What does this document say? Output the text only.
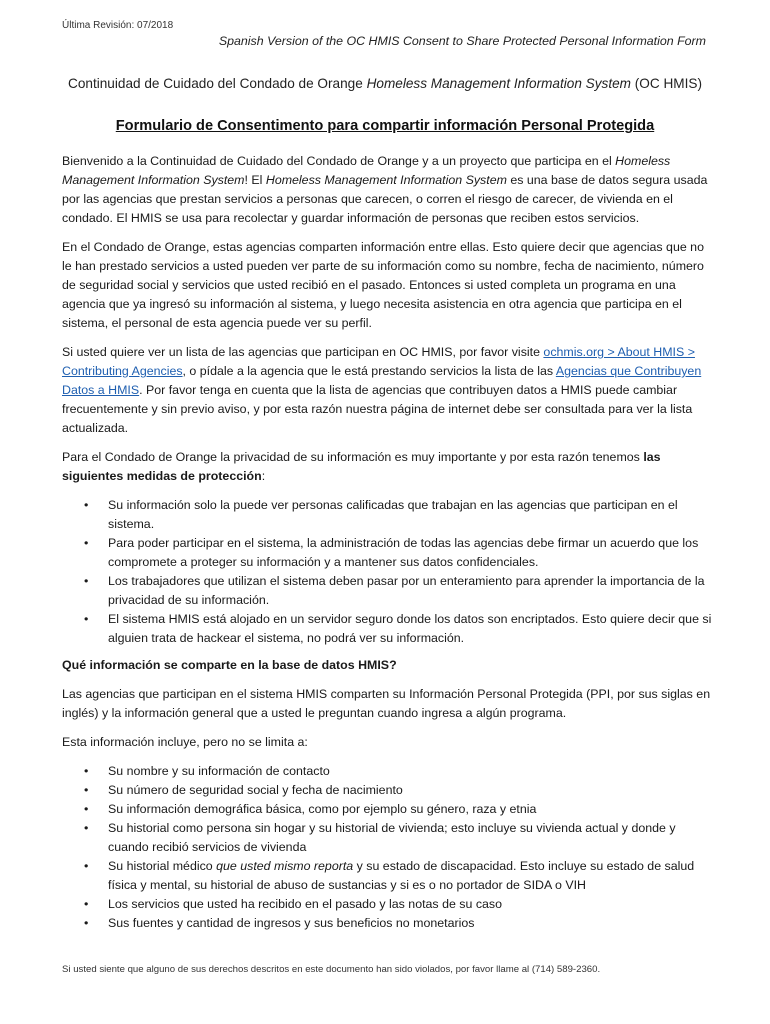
Última Revisión: 07/2018
Spanish Version of the OC HMIS Consent to Share Protected Personal Information Form
Continuidad de Cuidado del Condado de Orange Homeless Management Information System (OC HMIS)
Formulario de Consentimento para compartir información Personal Protegida

Bienvenido a la Continuidad de Cuidado del Condado de Orange y a un proyecto que participa en el Homeless Management Information System! El Homeless Management Information System es una base de datos segura usada por las agencias que prestan servicios a personas que carecen, o corren el riesgo de carecer, de vivienda en el condado. El HMIS se usa para recolectar y guardar información de personas que reciben estos servicios.

En el Condado de Orange, estas agencias comparten información entre ellas. Esto quiere decir que agencias que no le han prestado servicios a usted pueden ver parte de su información como su nombre, fecha de nacimiento, número de seguridad social y servicios que usted recibió en el pasado. Entonces si usted completa un programa en una agencia que ya ingresó su información al sistema, y luego necesita asistencia en otra agencia que participa en el sistema, el personal de esta agencia puede ver su perfil.

Si usted quiere ver un lista de las agencias que participan en OC HMIS, por favor visite ochmis.org > About HMIS > Contributing Agencies, o pídale a la agencia que le está prestando servicios la lista de las Agencias que Contribuyen Datos a HMIS. Por favor tenga en cuenta que la lista de agencias que contribuyen datos a HMIS puede cambiar frecuentemente y sin previo aviso, y por esta razón nuestra página de internet debe ser consultada para ver la lista actualizada.

Para el Condado de Orange la privacidad de su información es muy importante y por esta razón tenemos las siguientes medidas de protección:

• Su información solo la puede ver personas calificadas que trabajan en las agencias que participan en el sistema.
• Para poder participar en el sistema, la administración de todas las agencias debe firmar un acuerdo que los compromete a proteger su información y a mantener sus datos confidenciales.
• Los trabajadores que utilizan el sistema deben pasar por un enteramiento para aprender la importancia de la privacidad de su información.
• El sistema HMIS está alojado en un servidor seguro donde los datos son encriptados. Esto quiere decir que si alguien trata de hackear el sistema, no podrá ver su información.

Qué información se comparte en la base de datos HMIS?

Las agencias que participan en el sistema HMIS comparten su Información Personal Protegida (PPI, por sus siglas en inglés) y la información general que a usted le preguntan cuando ingresa a algún programa.

Esta información incluye, pero no se limita a:

• Su nombre y su información de contacto
• Su número de seguridad social y fecha de nacimiento
• Su información demográfica básica, como por ejemplo su género, raza y etnia
• Su historial como persona sin hogar y su historial de vivienda; esto incluye su vivienda actual y donde y cuando recibió servicios de vivienda
• Su historial médico que usted mismo reporta y su estado de discapacidad. Esto incluye su estado de salud física y mental, su historial de abuso de sustancias y si es o no portador de SIDA o VIH
• Los servicios que usted ha recibido en el pasado y las notas de su caso
• Sus fuentes y cantidad de ingresos y sus beneficios no monetarios
Si usted siente que alguno de sus derechos descritos en este documento han sido violados, por favor llame al (714) 589-2360.
